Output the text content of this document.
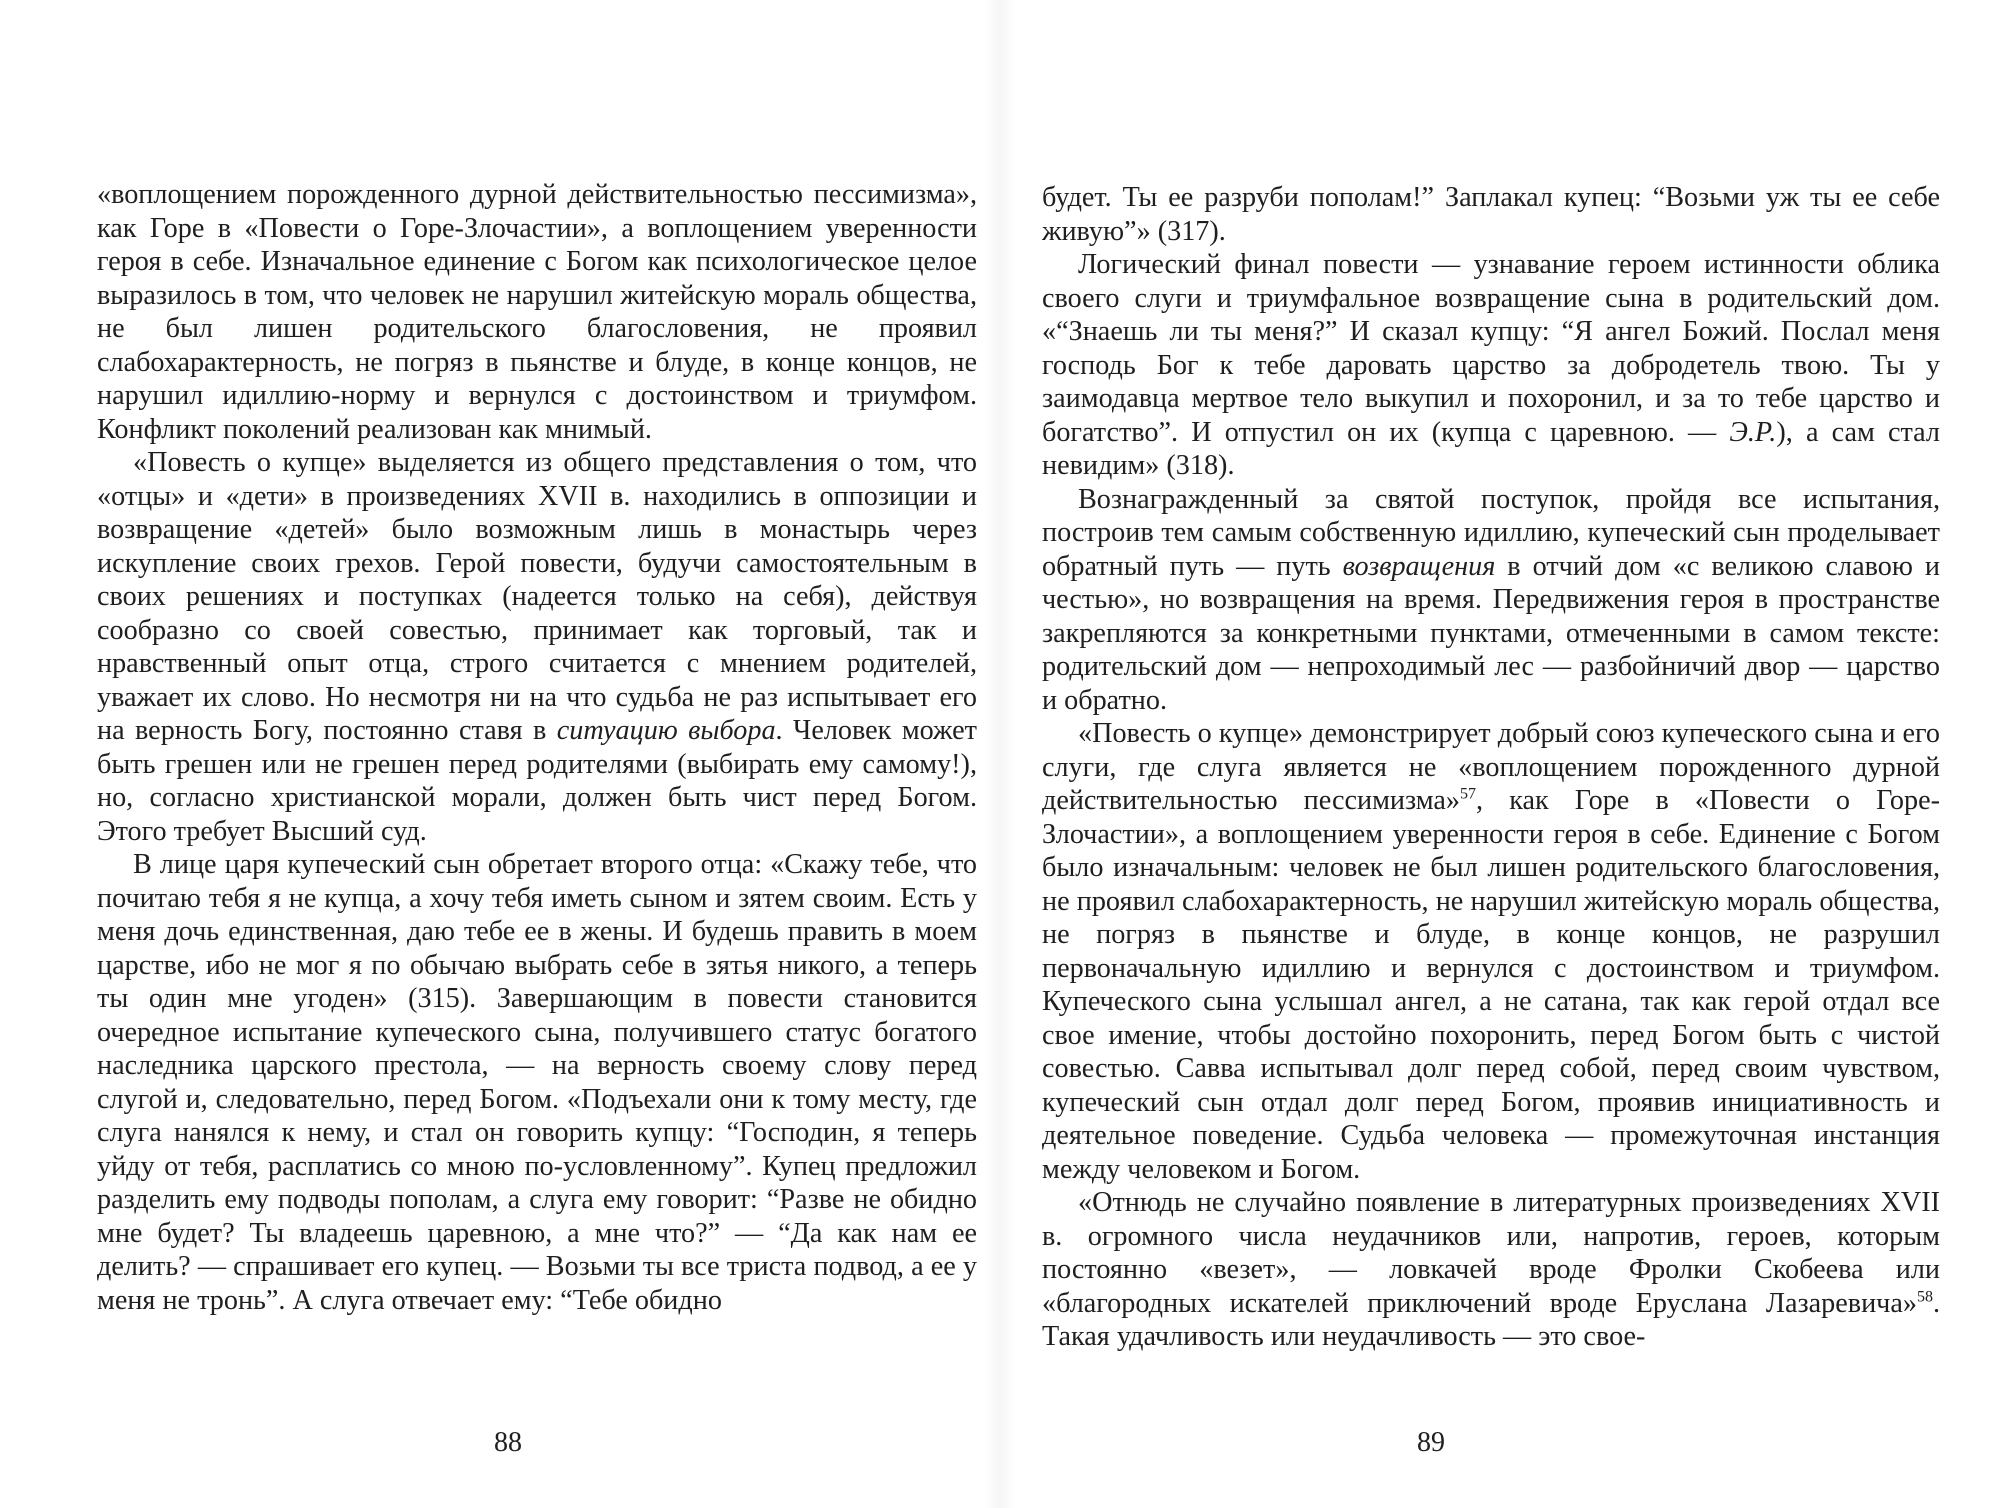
«воплощением порожденного дурной действительностью пессимизма», как Горе в «Повести о Горе-Злочастии», а воплощением уверенности героя в себе. Изначальное единение с Богом как психологическое целое выразилось в том, что человек не нарушил житейскую мораль общества, не был лишен родительского благословения, не проявил слабохарактерность, не погряз в пьянстве и блуде, в конце концов, не нарушил идиллию-норму и вернулся с достоинством и триумфом. Конфликт поколений реализован как мнимый.

«Повесть о купце» выделяется из общего представления о том, что «отцы» и «дети» в произведениях XVII в. находились в оппозиции и возвращение «детей» было возможным лишь в монастырь через искупление своих грехов. Герой повести, будучи самостоятельным в своих решениях и поступках (надеется только на себя), действуя сообразно со своей совестью, принимает как торговый, так и нравственный опыт отца, строго считается с мнением родителей, уважает их слово. Но несмотря ни на что судьба не раз испытывает его на верность Богу, постоянно ставя в ситуацию выбора. Человек может быть грешен или не грешен перед родителями (выбирать ему самому!), но, согласно христианской морали, должен быть чист перед Богом. Этого требует Высший суд.

В лице царя купеческий сын обретает второго отца: «Скажу тебе, что почитаю тебя я не купца, а хочу тебя иметь сыном и зятем своим. Есть у меня дочь единственная, даю тебе ее в жены. И будешь править в моем царстве, ибо не мог я по обычаю выбрать себе в зятья никого, а теперь ты один мне угоден» (315). Завершающим в повести становится очередное испытание купеческого сына, получившего статус богатого наследника царского престола, — на верность своему слову перед слугой и, следовательно, перед Богом. «Подъехали они к тому месту, где слуга нанялся к нему, и стал он говорить купцу: “Господин, я теперь уйду от тебя, расплатись со мною по-условленному”. Купец предложил разделить ему подводы пополам, а слуга ему говорит: “Разве не обидно мне будет? Ты владеешь царевною, а мне что?” — “Да как нам ее делить? — спрашивает его купец. — Возьми ты все триста подвод, а ее у меня не тронь”. А слуга отвечает ему: “Тебе обидно

88

будет. Ты ее разруби пополам!” Заплакал купец: “Возьми уж ты ее себе живую”» (317).

Логический финал повести — узнавание героем истинности облика своего слуги и триумфальное возвращение сына в родительский дом. «“Знаешь ли ты меня?” И сказал купцу: “Я ангел Божий. Послал меня господь Бог к тебе даровать царство за добродетель твою. Ты у заимодавца мертвое тело выкупил и похоронил, и за то тебе царство и богатство”. И отпустил он их (купца с царевною. — Э.Р.), а сам стал невидим» (318).

Вознагражденный за святой поступок, пройдя все испытания, построив тем самым собственную идиллию, купеческий сын проделывает обратный путь — путь возвращения в отчий дом «с великою славою и честью», но возвращения на время. Передвижения героя в пространстве закрепляются за конкретными пунктами, отмеченными в самом тексте: родительский дом — непроходимый лес — разбойничий двор — царство и обратно.

«Повесть о купце» демонстрирует добрый союз купеческого сына и его слуги, где слуга является не «воплощением порожденного дурной действительностью пессимизма»$^{57}$, как Горе в «Повести о Горе-Злочастии», а воплощением уверенности героя в себе. Единение с Богом было изначальным: человек не был лишен родительского благословения, не проявил слабохарактерность, не нарушил житейскую мораль общества, не погряз в пьянстве и блуде, в конце концов, не разрушил первоначальную идиллию и вернулся с достоинством и триумфом. Купеческого сына услышал ангел, а не сатана, так как герой отдал все свое имение, чтобы достойно похоронить, перед Богом быть с чистой совестью. Савва испытывал долг перед собой, перед своим чувством, купеческий сын отдал долг перед Богом, проявив инициативность и деятельное поведение. Судьба человека — промежуточная инстанция между человеком и Богом.

«Отнюдь не случайно появление в литературных произведениях XVII в. огромного числа неудачников или, напротив, героев, которым постоянно «везет», — ловкачей вроде Фролки Скобеева или «благородных искателей приключений вроде Еруслана Лазаревича»$^{58}$. Такая удачливость или неудачливость — это свое-

89
